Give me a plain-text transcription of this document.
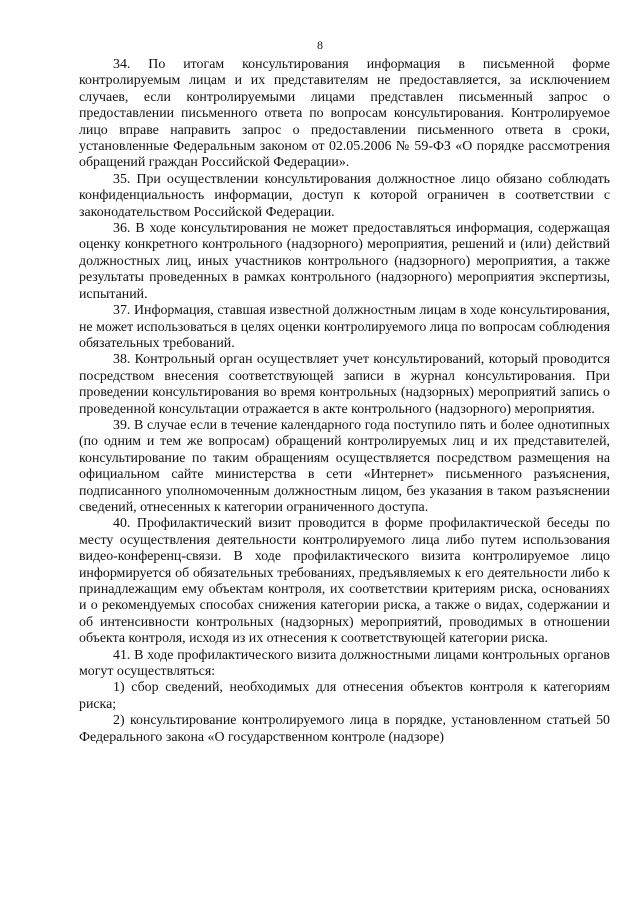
8

34. По итогам консультирования информация в письменной форме контролируемым лицам и их представителям не предоставляется, за исключением случаев, если контролируемыми лицами представлен письменный запрос о предоставлении письменного ответа по вопросам консультирования. Контролируемое лицо вправе направить запрос о предоставлении письменного ответа в сроки, установленные Федеральным законом от 02.05.2006 № 59-ФЗ «О порядке рассмотрения обращений граждан Российской Федерации».

35. При осуществлении консультирования должностное лицо обязано соблюдать конфиденциальность информации, доступ к которой ограничен в соответствии с законодательством Российской Федерации.

36. В ходе консультирования не может предоставляться информация, содержащая оценку конкретного контрольного (надзорного) мероприятия, решений и (или) действий должностных лиц, иных участников контрольного (надзорного) мероприятия, а также результаты проведенных в рамках контрольного (надзорного) мероприятия экспертизы, испытаний.

37. Информация, ставшая известной должностным лицам в ходе консультирования, не может использоваться в целях оценки контролируемого лица по вопросам соблюдения обязательных требований.

38. Контрольный орган осуществляет учет консультирований, который проводится посредством внесения соответствующей записи в журнал консультирования. При проведении консультирования во время контрольных (надзорных) мероприятий запись о проведенной консультации отражается в акте контрольного (надзорного) мероприятия.

39. В случае если в течение календарного года поступило пять и более однотипных (по одним и тем же вопросам) обращений контролируемых лиц и их представителей, консультирование по таким обращениям осуществляется посредством размещения на официальном сайте министерства в сети «Интернет» письменного разъяснения, подписанного уполномоченным должностным лицом, без указания в таком разъяснении сведений, отнесенных к категории ограниченного доступа.

40. Профилактический визит проводится в форме профилактической беседы по месту осуществления деятельности контролируемого лица либо путем использования видео-конференц-связи. В ходе профилактического визита контролируемое лицо информируется об обязательных требованиях, предъявляемых к его деятельности либо к принадлежащим ему объектам контроля, их соответствии критериям риска, основаниях и о рекомендуемых способах снижения категории риска, а также о видах, содержании и об интенсивности контрольных (надзорных) мероприятий, проводимых в отношении объекта контроля, исходя из их отнесения к соответствующей категории риска.

41. В ходе профилактического визита должностными лицами контрольных органов могут осуществляться:

1) сбор сведений, необходимых для отнесения объектов контроля к категориям риска;

2) консультирование контролируемого лица в порядке, установленном статьей 50 Федерального закона «О государственном контроле (надзоре)
